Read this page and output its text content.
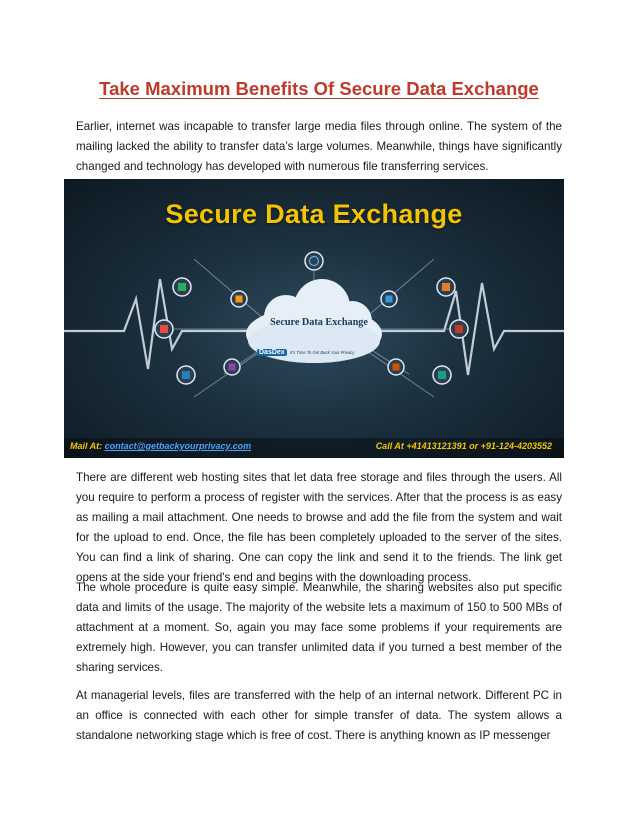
Take Maximum Benefits Of Secure Data Exchange

Earlier, internet was incapable to transfer large media files through online. The system of the mailing lacked the ability to transfer data’s large volumes. Meanwhile, things have significantly changed and technology has developed with numerous file transferring services.

Secure Data Exchange
Secure Data Exchange
DasDex	It's Time To Get Back Your Privacy
Mail At: contact@getbackyourprivacy.com	Call At +41413121391 or +91-124-4203552

There are different web hosting sites that let data free storage and files through the users. All you require to perform a process of register with the services. After that the process is as easy as mailing a mail attachment. One needs to browse and add the file from the system and wait for the upload to end. Once, the file has been completely uploaded to the server of the sites. You can find a link of sharing. One can copy the link and send it to the friends. The link get opens at the side your friend's end and begins with the downloading process.

The whole procedure is quite easy simple. Meanwhile, the sharing websites also put specific data and limits of the usage. The majority of the website lets a maximum of 150 to 500 MBs of attachment at a moment. So, again you may face some problems if your requirements are extremely high. However, you can transfer unlimited data if you turned a best member of the sharing services.

At managerial levels, files are transferred with the help of an internal network. Different PC in an office is connected with each other for simple transfer of data. The system allows a standalone networking stage which is free of cost. There is anything known as IP messenger
